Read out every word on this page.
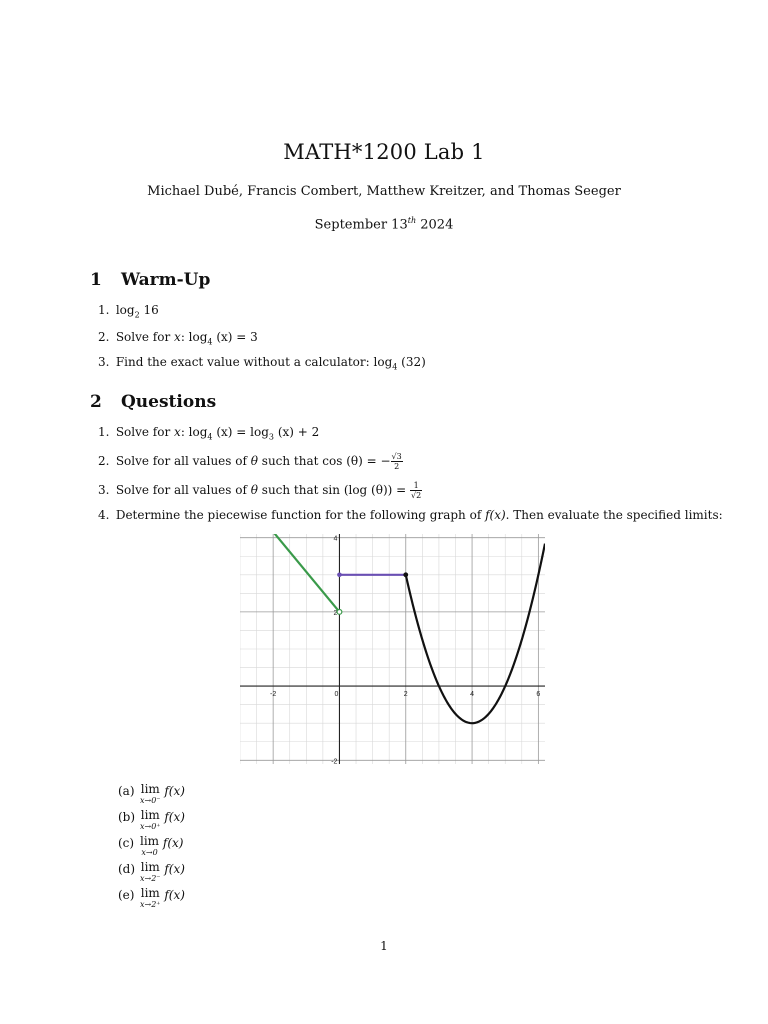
MATH*1200 Lab 1
Michael Dubé, Francis Combert, Matthew Kreitzer, and Thomas Seeger
September 13th 2024
1 Warm-Up
1. $\log_2 16$
2. Solve for x: $\log_4 (x) = 3$
3. Find the exact value without a calculator: $\log_4 (32)$
2 Questions
1. Solve for x: $\log_4 (x) = \log_3 (x) + 2$
2. Solve for all values of θ such that cos (θ) = − $\frac{√3}{2}$
3. Solve for all values of θ such that sin (log $(\theta)) = \frac{1}{√2}$
4. Determine the piecewise function for the following graph of f(x). Then evaluate the specified limits:
-2	0	2	4	6
4
2
-2
(a) lim
x→0⁻
f(x)
(b) lim
x→0⁺
f(x)
(c) lim
x→0
f(x)
(d) lim
x→2⁻
f(x)
(e) lim
x→2⁺
f(x)
1
